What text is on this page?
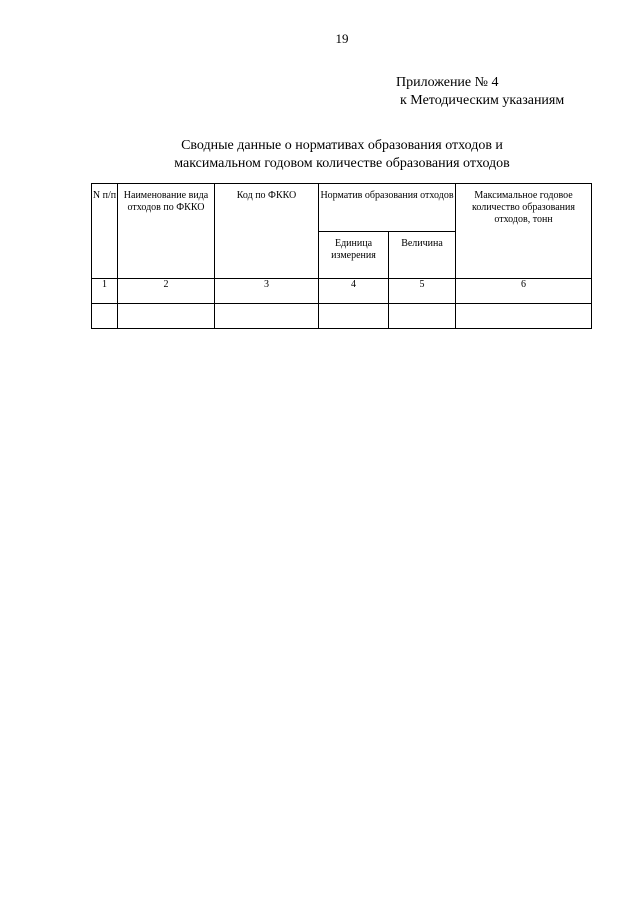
19
Приложение № 4
к Методическим указаниям
Сводные данные о нормативах образования отходов и
максимальном годовом количестве образования отходов
N п/п	Наименование вида отходов по ФККО	Код по ФККО	Норматив образования отходов		Максимальное годовое количество образования отходов, тонн

			Единица измерения	Величина	

1	2	3	4	5	6
